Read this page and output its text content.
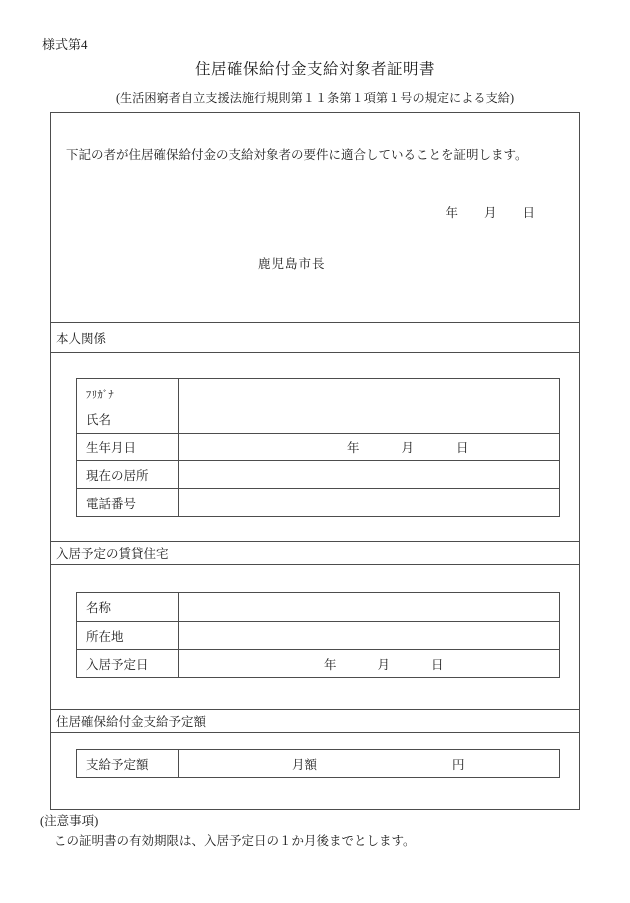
様式第4
住居確保給付金支給対象者証明書
(生活困窮者自立支援法施行規則第１１条第１項第１号の規定による支給)
下記の者が住居確保給付金の支給対象者の要件に適合していることを証明します。
年 月 日
鹿児島市長
本人関係
ﾌﾘｶﾞﾅ
氏名
生年月日	年	月	日
現在の居所
電話番号
入居予定の賃貸住宅
名称
所在地
入居予定日	年	月	日
住居確保給付金支給予定額
支給予定額	月額	円
(注意事項)
この証明書の有効期限は、入居予定日の１か月後までとします。
